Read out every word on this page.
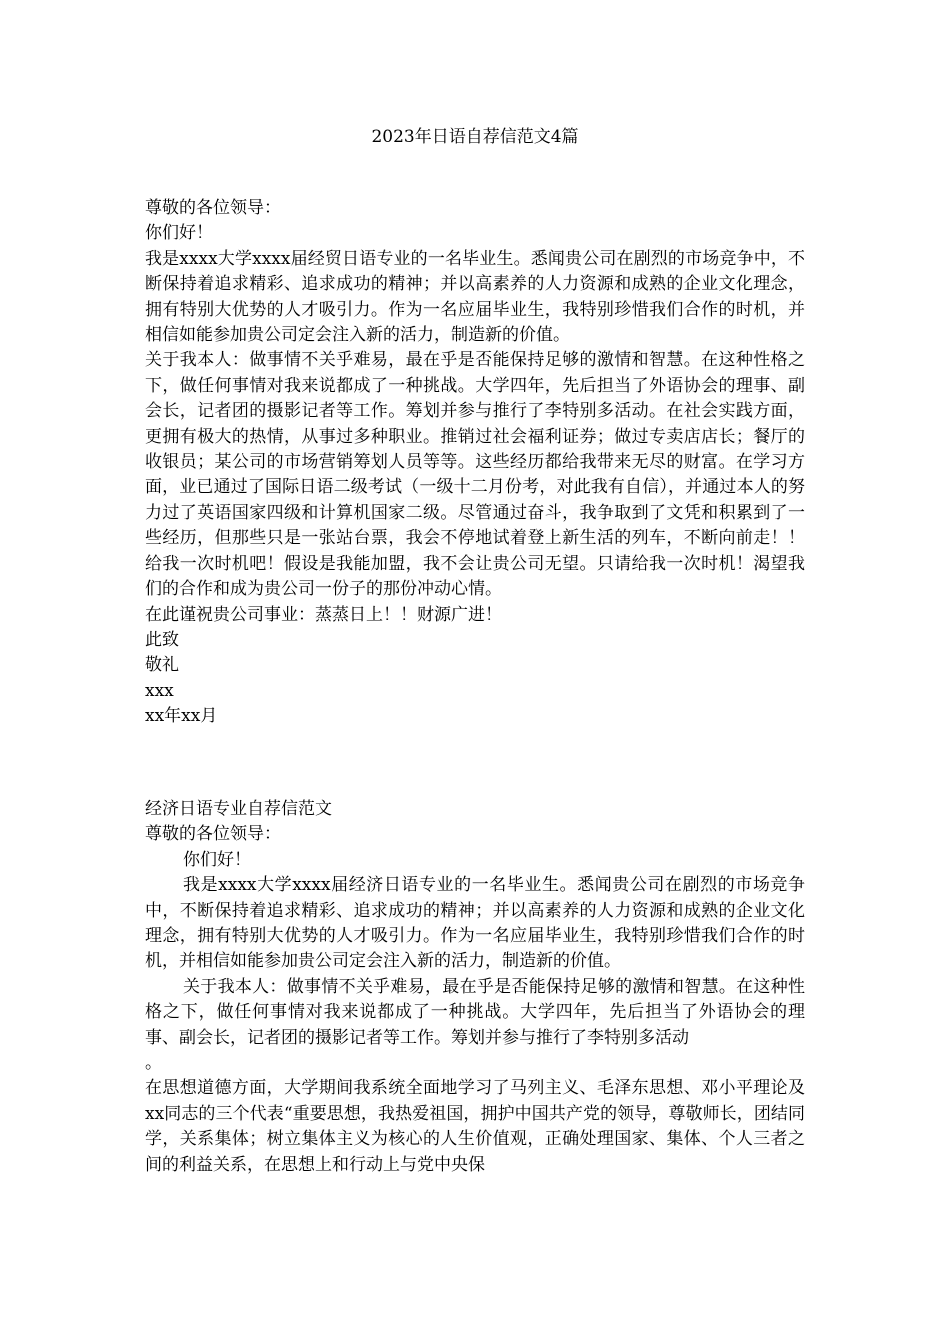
2023年日语自荐信范文4篇

尊敬的各位领导：

你们好！

我是xxxx大学xxxx届经贸日语专业的一名毕业生。悉闻贵公司在剧烈的市场竞争中，不断保持着追求精彩、追求成功的精神；并以高素养的人力资源和成熟的企业文化理念，拥有特别大优势的人才吸引力。作为一名应届毕业生，我特别珍惜我们合作的时机，并相信如能参加贵公司定会注入新的活力，制造新的价值。

关于我本人：做事情不关乎难易，最在乎是否能保持足够的激情和智慧。在这种性格之下，做任何事情对我来说都成了一种挑战。大学四年，先后担当了外语协会的理事、副会长，记者团的摄影记者等工作。筹划并参与推行了李特别多活动。在社会实践方面，更拥有极大的热情，从事过多种职业。推销过社会福利证券；做过专卖店店长；餐厅的收银员；某公司的市场营销筹划人员等等。这些经历都给我带来无尽的财富。在学习方面，业已通过了国际日语二级考试（一级十二月份考，对此我有自信），并通过本人的努力过了英语国家四级和计算机国家二级。尽管通过奋斗，我争取到了文凭和积累到了一些经历，但那些只是一张站台票，我会不停地试着登上新生活的列车，不断向前走！！给我一次时机吧！假设是我能加盟，我不会让贵公司无望。只请给我一次时机！渴望我们的合作和成为贵公司一份子的那份冲动心情。

在此谨祝贵公司事业：蒸蒸日上！！财源广进！

此致

敬礼

xxx

xx年xx月

经济日语专业自荐信范文

尊敬的各位领导：

你们好！

我是xxxx大学xxxx届经济日语专业的一名毕业生。悉闻贵公司在剧烈的市场竞争中，不断保持着追求精彩、追求成功的精神；并以高素养的人力资源和成熟的企业文化理念，拥有特别大优势的人才吸引力。作为一名应届毕业生，我特别珍惜我们合作的时机，并相信如能参加贵公司定会注入新的活力，制造新的价值。

关于我本人：做事情不关乎难易，最在乎是否能保持足够的激情和智慧。在这种性格之下，做任何事情对我来说都成了一种挑战。大学四年，先后担当了外语协会的理事、副会长，记者团的摄影记者等工作。筹划并参与推行了李特别多活动

。

在思想道德方面，大学期间我系统全面地学习了马列主义、毛泽东思想、邓小平理论及xx同志的三个代表“重要思想，我热爱祖国，拥护中国共产党的领导，尊敬师长，团结同学，关系集体；树立集体主义为核心的人生价值观，正确处理国家、集体、个人三者之间的利益关系，在思想上和行动上与党中央保
